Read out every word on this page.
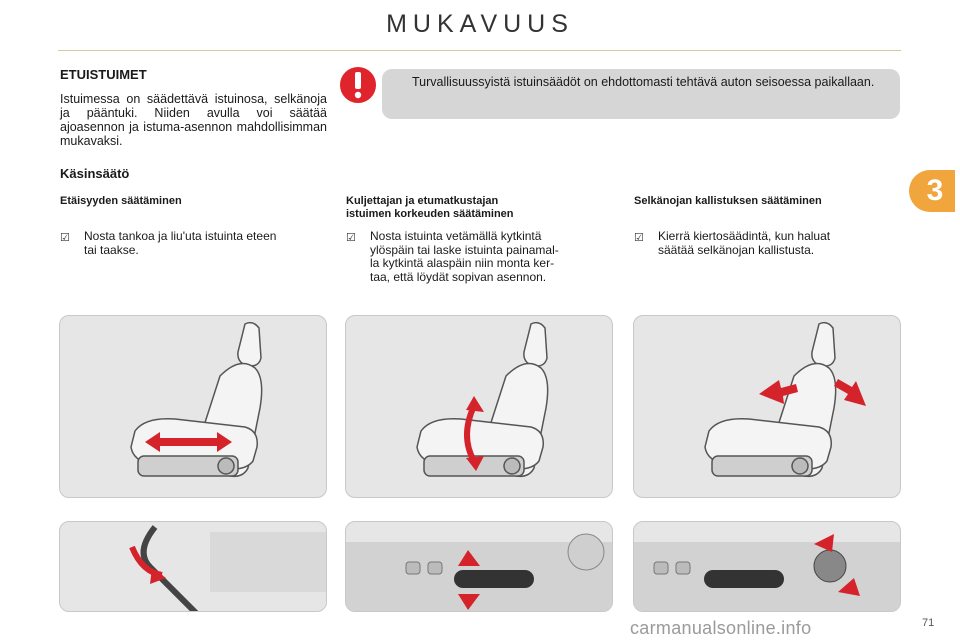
MUKAVUUS
ETUISTUIMET
Istuimessa on säädettävä istuinosa, selkänoja ja pääntuki. Niiden avulla voi säätää ajoasennon ja istuma-asennon mahdollisimman mukavaksi.
Turvallisuussyistä istuinsäädöt on ehdottomasti tehtävä auton seisoessa paikallaan.
Käsinsäätö
Etäisyyden säätäminen
☑ Nosta tankoa ja liu'uta istuinta eteen
tai taakse.
Kuljettajan ja etumatkustajan
istuimen korkeuden säätäminen
☑ Nosta istuinta vetämällä kytkintä
ylöspäin tai laske istuinta painamal-
la kytkintä alaspäin niin monta ker-
taa, että löydät sopivan asennon.
Selkänojan kallistuksen säätäminen
☑ Kierrä kiertosäädintä, kun haluat
säätää selkänojan kallistusta.
3
71
carmanualsonline.info
